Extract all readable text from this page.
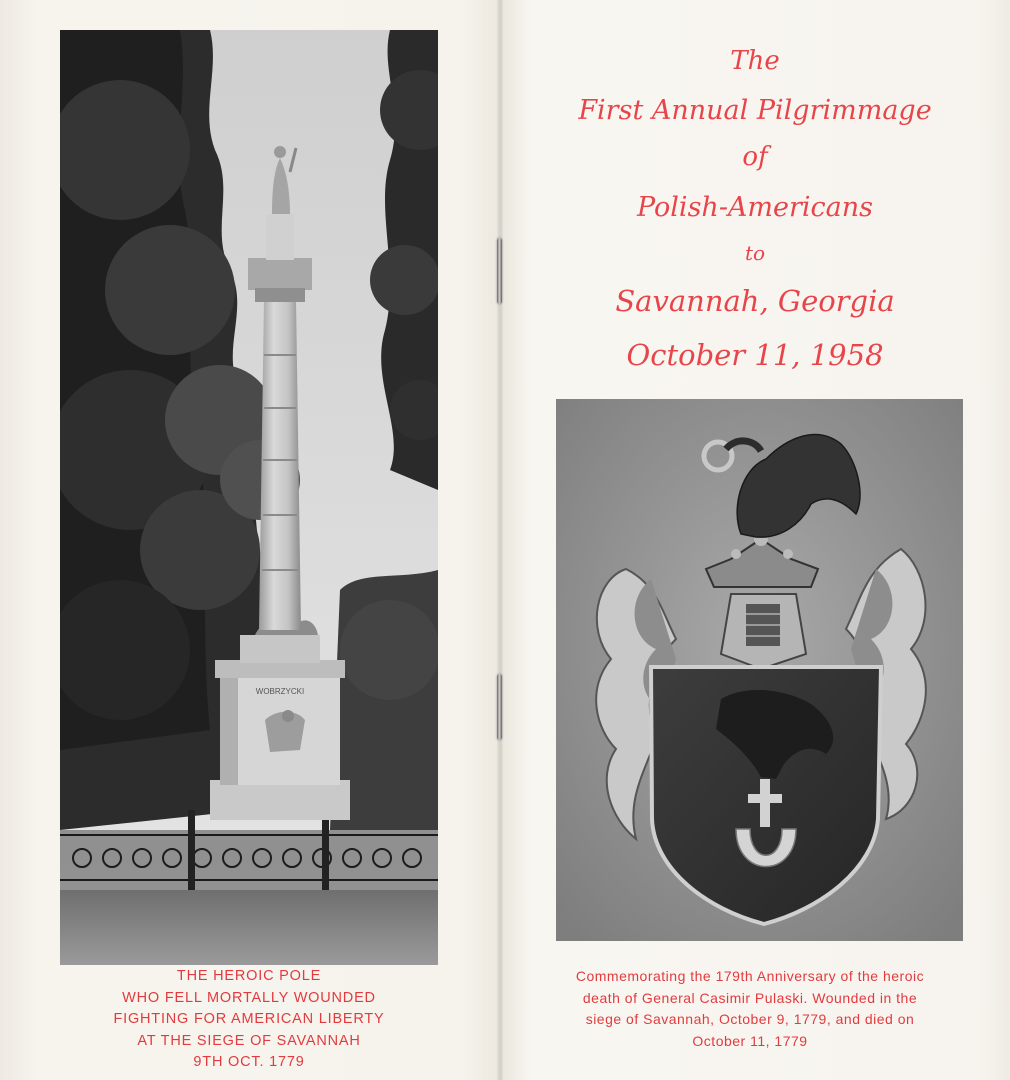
WOBRZYCKI
THE HEROIC POLE
WHO FELL MORTALLY WOUNDED
FIGHTING FOR AMERICAN LIBERTY
AT THE SIEGE OF SAVANNAH
9TH OCT. 1779
The
First Annual Pilgrimmage
of
Polish-Americans
to
Savannah, Georgia
October 11, 1958
Commemorating the 179th Anniversary of the heroic
death of General Casimir Pulaski. Wounded in the
siege of Savannah, October 9, 1779, and died on
October 11, 1779
